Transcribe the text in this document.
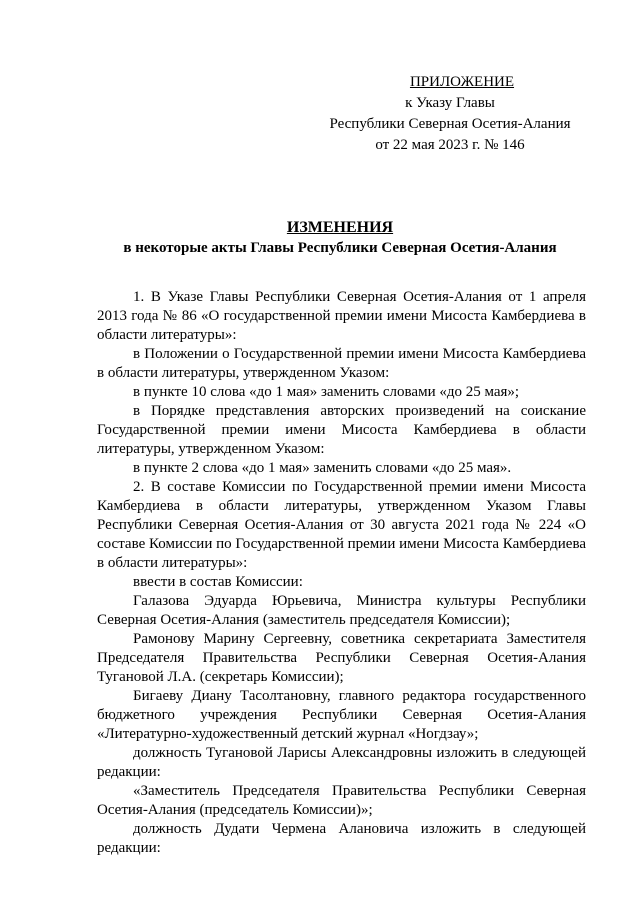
ПРИЛОЖЕНИЕ
к Указу Главы
Республики Северная Осетия-Алания
от 22 мая 2023 г. № 146
ИЗМЕНЕНИЯ
в некоторые акты Главы Республики Северная Осетия-Алания

1. В Указе Главы Республики Северная Осетия-Алания от 1 апреля 2013 года № 86 «О государственной премии имени Мисоста Камбердиева в области литературы»:

в Положении о Государственной премии имени Мисоста Камбердиева в области литературы, утвержденном Указом:

в пункте 10 слова «до 1 мая» заменить словами «до 25 мая»;

в Порядке представления авторских произведений на соискание Государственной премии имени Мисоста Камбердиева в области литературы, утвержденном Указом:

в пункте 2 слова «до 1 мая» заменить словами «до 25 мая».

2. В составе Комиссии по Государственной премии имени Мисоста Камбердиева в области литературы, утвержденном Указом Главы Республики Северная Осетия-Алания от 30 августа 2021 года № 224 «О составе Комиссии по Государственной премии имени Мисоста Камбердиева в области литературы»:

ввести в состав Комиссии:

Галазова Эдуарда Юрьевича, Министра культуры Республики Северная Осетия-Алания (заместитель председателя Комиссии);

Рамонову Марину Сергеевну, советника секретариата Заместителя Председателя Правительства Республики Северная Осетия-Алания Тугановой Л.А. (секретарь Комиссии);

Бигаеву Диану Тасолтановну, главного редактора государственного бюджетного учреждения Республики Северная Осетия-Алания «Литературно-художественный детский журнал «Ногдзау»;

должность Тугановой Ларисы Александровны изложить в следующей редакции:

«Заместитель Председателя Правительства Республики Северная Осетия-Алания (председатель Комиссии)»;

должность Дудати Чермена Алановича изложить в следующей редакции:
